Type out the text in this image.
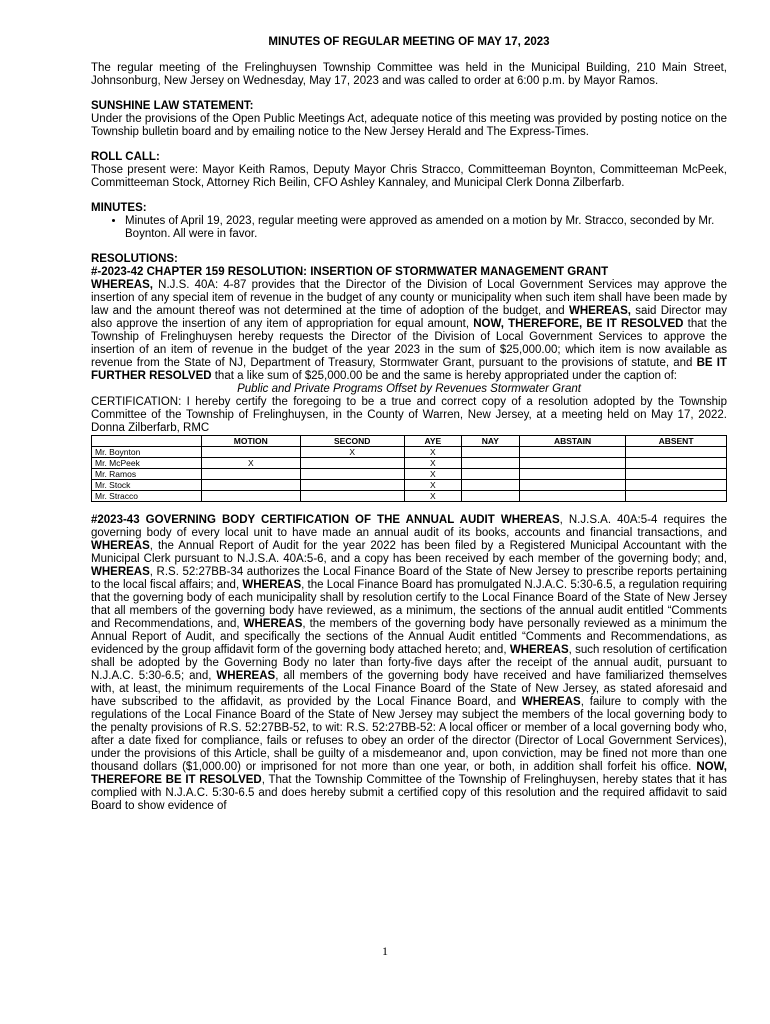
MINUTES OF REGULAR MEETING OF MAY 17, 2023

The regular meeting of the Frelinghuysen Township Committee was held in the Municipal Building, 210 Main Street, Johnsonburg, New Jersey on Wednesday, May 17, 2023 and was called to order at 6:00 p.m. by Mayor Ramos.

SUNSHINE LAW STATEMENT:

Under the provisions of the Open Public Meetings Act, adequate notice of this meeting was provided by posting notice on the Township bulletin board and by emailing notice to the New Jersey Herald and The Express-Times.

ROLL CALL:

Those present were: Mayor Keith Ramos, Deputy Mayor Chris Stracco, Committeeman Boynton, Committeeman McPeek, Committeeman Stock, Attorney Rich Beilin, CFO Ashley Kannaley, and Municipal Clerk Donna Zilberfarb.

MINUTES:
• Minutes of April 19, 2023, regular meeting were approved as amended on a motion by Mr. Stracco, seconded by Mr. Boynton. All were in favor.
RESOLUTIONS:
#-2023-42 CHAPTER 159 RESOLUTION: INSERTION OF STORMWATER MANAGEMENT GRANT

WHEREAS, N.J.S. 40A: 4-87 provides that the Director of the Division of Local Government Services may approve the insertion of any special item of revenue in the budget of any county or municipality when such item shall have been made by law and the amount thereof was not determined at the time of adoption of the budget, and WHEREAS, said Director may also approve the insertion of any item of appropriation for equal amount, NOW, THEREFORE, BE IT RESOLVED that the Township of Frelinghuysen hereby requests the Director of the Division of Local Government Services to approve the insertion of an item of revenue in the budget of the year 2023 in the sum of $25,000.00; which item is now available as revenue from the State of NJ, Department of Treasury, Stormwater Grant, pursuant to the provisions of statute, and BE IT FURTHER RESOLVED that a like sum of $25,000.00 be and the same is hereby appropriated under the caption of:

Public and Private Programs Offset by Revenues Stormwater Grant

CERTIFICATION: I hereby certify the foregoing to be a true and correct copy of a resolution adopted by the Township Committee of the Township of Frelinghuysen, in the County of Warren, New Jersey, at a meeting held on May 17, 2022. Donna Zilberfarb, RMC

	MOTION	SECOND	AYE	NAY	ABSTAIN	ABSENT
Mr. Boynton		X	X			
Mr. McPeek	X		X			
Mr. Ramos			X			
Mr. Stock			X			
Mr. Stracco			X			

#2023-43 GOVERNING BODY CERTIFICATION OF THE ANNUAL AUDIT WHEREAS, N.J.S.A. 40A:5-4 requires the governing body of every local unit to have made an annual audit of its books, accounts and financial transactions, and WHEREAS, the Annual Report of Audit for the year 2022 has been filed by a Registered Municipal Accountant with the Municipal Clerk pursuant to N.J.S.A. 40A:5-6, and a copy has been received by each member of the governing body; and, WHEREAS, R.S. 52:27BB-34 authorizes the Local Finance Board of the State of New Jersey to prescribe reports pertaining to the local fiscal affairs; and, WHEREAS, the Local Finance Board has promulgated N.J.A.C. 5:30-6.5, a regulation requiring that the governing body of each municipality shall by resolution certify to the Local Finance Board of the State of New Jersey that all members of the governing body have reviewed, as a minimum, the sections of the annual audit entitled “Comments and Recommendations, and, WHEREAS, the members of the governing body have personally reviewed as a minimum the Annual Report of Audit, and specifically the sections of the Annual Audit entitled “Comments and Recommendations, as evidenced by the group affidavit form of the governing body attached hereto; and, WHEREAS, such resolution of certification shall be adopted by the Governing Body no later than forty-five days after the receipt of the annual audit, pursuant to N.J.A.C. 5:30-6.5; and, WHEREAS, all members of the governing body have received and have familiarized themselves with, at least, the minimum requirements of the Local Finance Board of the State of New Jersey, as stated aforesaid and have subscribed to the affidavit, as provided by the Local Finance Board, and WHEREAS, failure to comply with the regulations of the Local Finance Board of the State of New Jersey may subject the members of the local governing body to the penalty provisions of R.S. 52:27BB-52, to wit: R.S. 52:27BB-52: A local officer or member of a local governing body who, after a date fixed for compliance, fails or refuses to obey an order of the director (Director of Local Government Services), under the provisions of this Article, shall be guilty of a misdemeanor and, upon conviction, may be fined not more than one thousand dollars ($1,000.00) or imprisoned for not more than one year, or both, in addition shall forfeit his office. NOW, THEREFORE BE IT RESOLVED, That the Township Committee of the Township of Frelinghuysen, hereby states that it has complied with N.J.A.C. 5:30-6.5 and does hereby submit a certified copy of this resolution and the required affidavit to said Board to show evidence of

1
